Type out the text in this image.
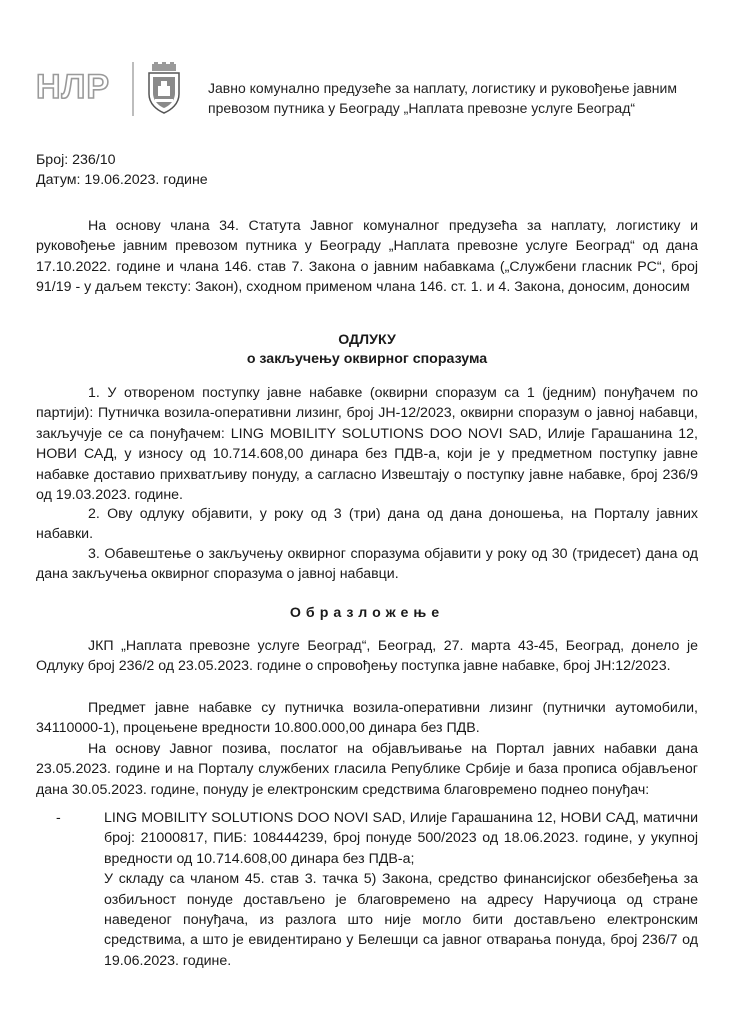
НЛР	Јавно комунално предузеће за наплату, логистику и руковођење јавним
превозом путника у Београду „Наплата превозне услуге Београд“
Број: 236/10
Датум: 19.06.2023. године

На основу члана 34. Статута Јавног комуналног предузећа за наплату, логистику и руковођење јавним превозом путника у Београду „Наплата превозне услуге Београд“ од дана 17.10.2022. године и члана 146. став 7. Закона о јавним набавкама („Службени гласник РС“, број 91/19 - у даљем тексту: Закон), сходном применом члана 146. ст. 1. и 4. Закона, доносим, доносим

ОДЛУКУ
о закључењу оквирног споразума

1. У отвореном поступку јавне набавке (оквирни споразум са 1 (једним) понуђачем по партији): Путничка возила-оперативни лизинг, број ЈН-12/2023, оквирни споразум о јавној набавци, закључује се са понуђачем: LING MOBILITY SOLUTIONS DOO NOVI SAD, Илије Гарашанина 12, НОВИ САД, у износу од 10.714.608,00 динара без ПДВ-а, који је у предметном поступку јавне набавке доставио прихватљиву понуду, а сагласно Извештају о поступку јавне набавке, број 236/9 од 19.03.2023. године.

2. Ову одлуку објавити, у року од 3 (три) дана од дана доношења, на Порталу јавних набавки.

3. Обавештење о закључењу оквирног споразума објавити у року од 30 (тридесет) дана од дана закључења оквирног споразума о јавној набавци.

Образложење

ЈКП „Наплата превозне услуге Београд“, Београд, 27. марта 43-45, Београд, донело је Одлуку број 236/2 од 23.05.2023. године о спровођењу поступка јавне набавке, број ЈН:12/2023.

Предмет јавне набавке су путничка возила-оперативни лизинг (путнички аутомобили, 34110000-1), процењене вредности 10.800.000,00 динара без ПДВ.

На основу Јавног позива, послатог на објављивање на Портал јавних набавки дана 23.05.2023. године и на Порталу службених гласила Републике Србије и база прописа објављеног дана 30.05.2023. године, понуду је електронским средствима благовремено поднео понуђач:

-	LING MOBILITY SOLUTIONS DOO NOVI SAD, Илије Гарашанина 12, НОВИ САД, матични број: 21000817, ПИБ: 108444239, број понуде 500/2023 од 18.06.2023. године, у укупној вредности од 10.714.608,00 динара без ПДВ-а;

У складу са чланом 45. став 3. тачка 5) Закона, средство финансијског обезбеђења за озбиљност понуде достављено је благовремено на адресу Наручиоца од стране наведеног понуђача, из разлога што није могло бити достављено електронским средствима, а што је евидентирано у Белешци са јавног отварања понуда, број 236/7 од 19.06.2023. године.
